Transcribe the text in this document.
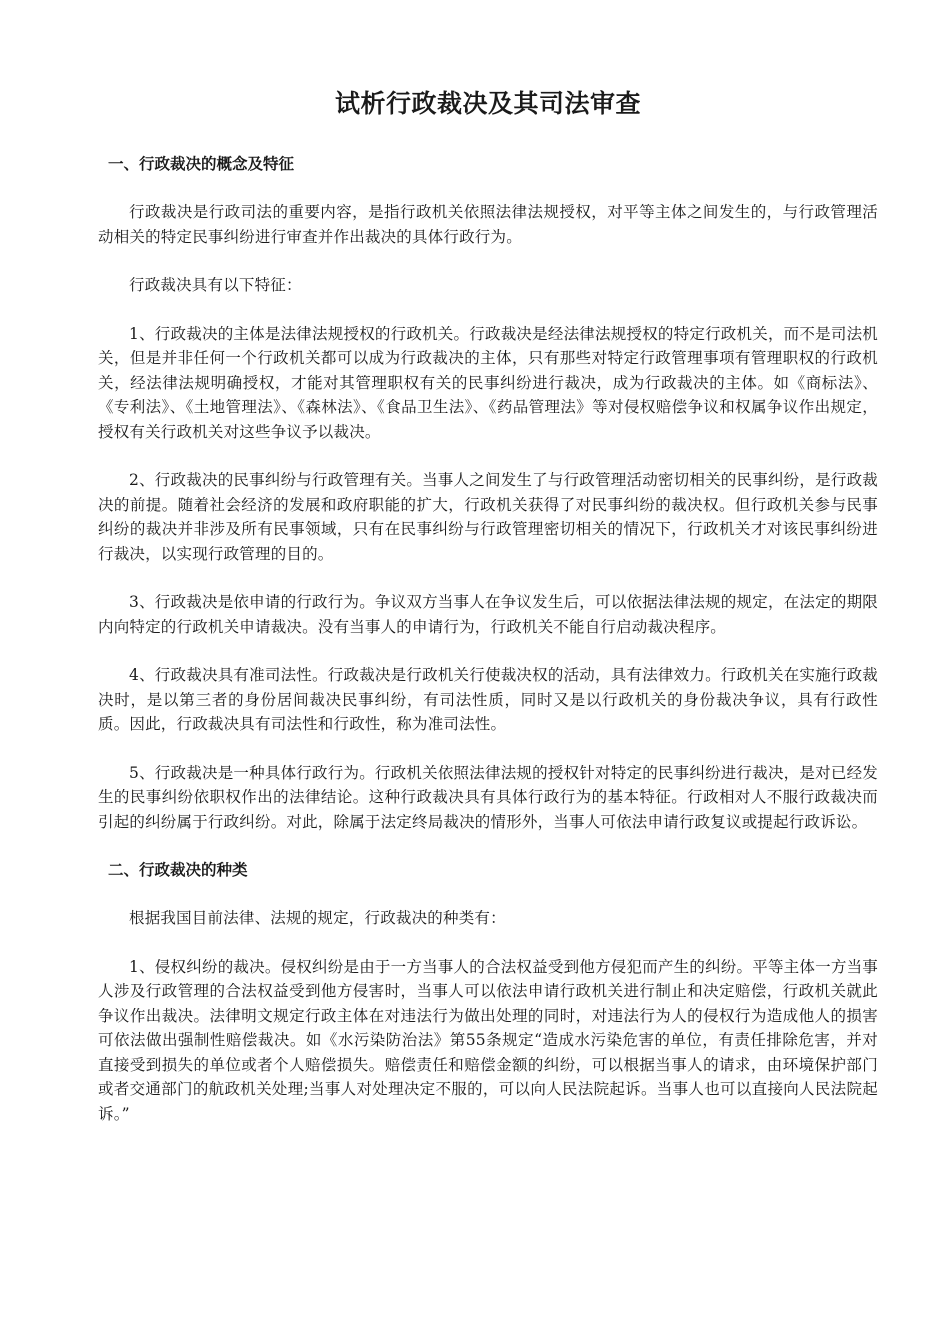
试析行政裁决及其司法审查
一、行政裁决的概念及特征

行政裁决是行政司法的重要内容，是指行政机关依照法律法规授权，对平等主体之间发生的，与行政管理活动相关的特定民事纠纷进行审查并作出裁决的具体行政行为。

行政裁决具有以下特征：

1、行政裁决的主体是法律法规授权的行政机关。行政裁决是经法律法规授权的特定行政机关，而不是司法机关，但是并非任何一个行政机关都可以成为行政裁决的主体，只有那些对特定行政管理事项有管理职权的行政机关，经法律法规明确授权，才能对其管理职权有关的民事纠纷进行裁决，成为行政裁决的主体。如《商标法》、《专利法》、《土地管理法》、《森林法》、《食品卫生法》、《药品管理法》等对侵权赔偿争议和权属争议作出规定，授权有关行政机关对这些争议予以裁决。

2、行政裁决的民事纠纷与行政管理有关。当事人之间发生了与行政管理活动密切相关的民事纠纷，是行政裁决的前提。随着社会经济的发展和政府职能的扩大，行政机关获得了对民事纠纷的裁决权。但行政机关参与民事纠纷的裁决并非涉及所有民事领域，只有在民事纠纷与行政管理密切相关的情况下，行政机关才对该民事纠纷进行裁决，以实现行政管理的目的。

3、行政裁决是依申请的行政行为。争议双方当事人在争议发生后，可以依据法律法规的规定，在法定的期限内向特定的行政机关申请裁决。没有当事人的申请行为，行政机关不能自行启动裁决程序。

4、行政裁决具有准司法性。行政裁决是行政机关行使裁决权的活动，具有法律效力。行政机关在实施行政裁决时，是以第三者的身份居间裁决民事纠纷，有司法性质，同时又是以行政机关的身份裁决争议，具有行政性质。因此，行政裁决具有司法性和行政性，称为准司法性。

5、行政裁决是一种具体行政行为。行政机关依照法律法规的授权针对特定的民事纠纷进行裁决，是对已经发生的民事纠纷依职权作出的法律结论。这种行政裁决具有具体行政行为的基本特征。行政相对人不服行政裁决而引起的纠纷属于行政纠纷。对此，除属于法定终局裁决的情形外，当事人可依法申请行政复议或提起行政诉讼。

二、行政裁决的种类

根据我国目前法律、法规的规定，行政裁决的种类有：

1、侵权纠纷的裁决。侵权纠纷是由于一方当事人的合法权益受到他方侵犯而产生的纠纷。平等主体一方当事人涉及行政管理的合法权益受到他方侵害时，当事人可以依法申请行政机关进行制止和决定赔偿，行政机关就此争议作出裁决。法律明文规定行政主体在对违法行为做出处理的同时，对违法行为人的侵权行为造成他人的损害可依法做出强制性赔偿裁决。如《水污染防治法》第55条规定“造成水污染危害的单位，有责任排除危害，并对直接受到损失的单位或者个人赔偿损失。赔偿责任和赔偿金额的纠纷，可以根据当事人的请求，由环境保护部门或者交通部门的航政机关处理;当事人对处理决定不服的，可以向人民法院起诉。当事人也可以直接向人民法院起诉。”
